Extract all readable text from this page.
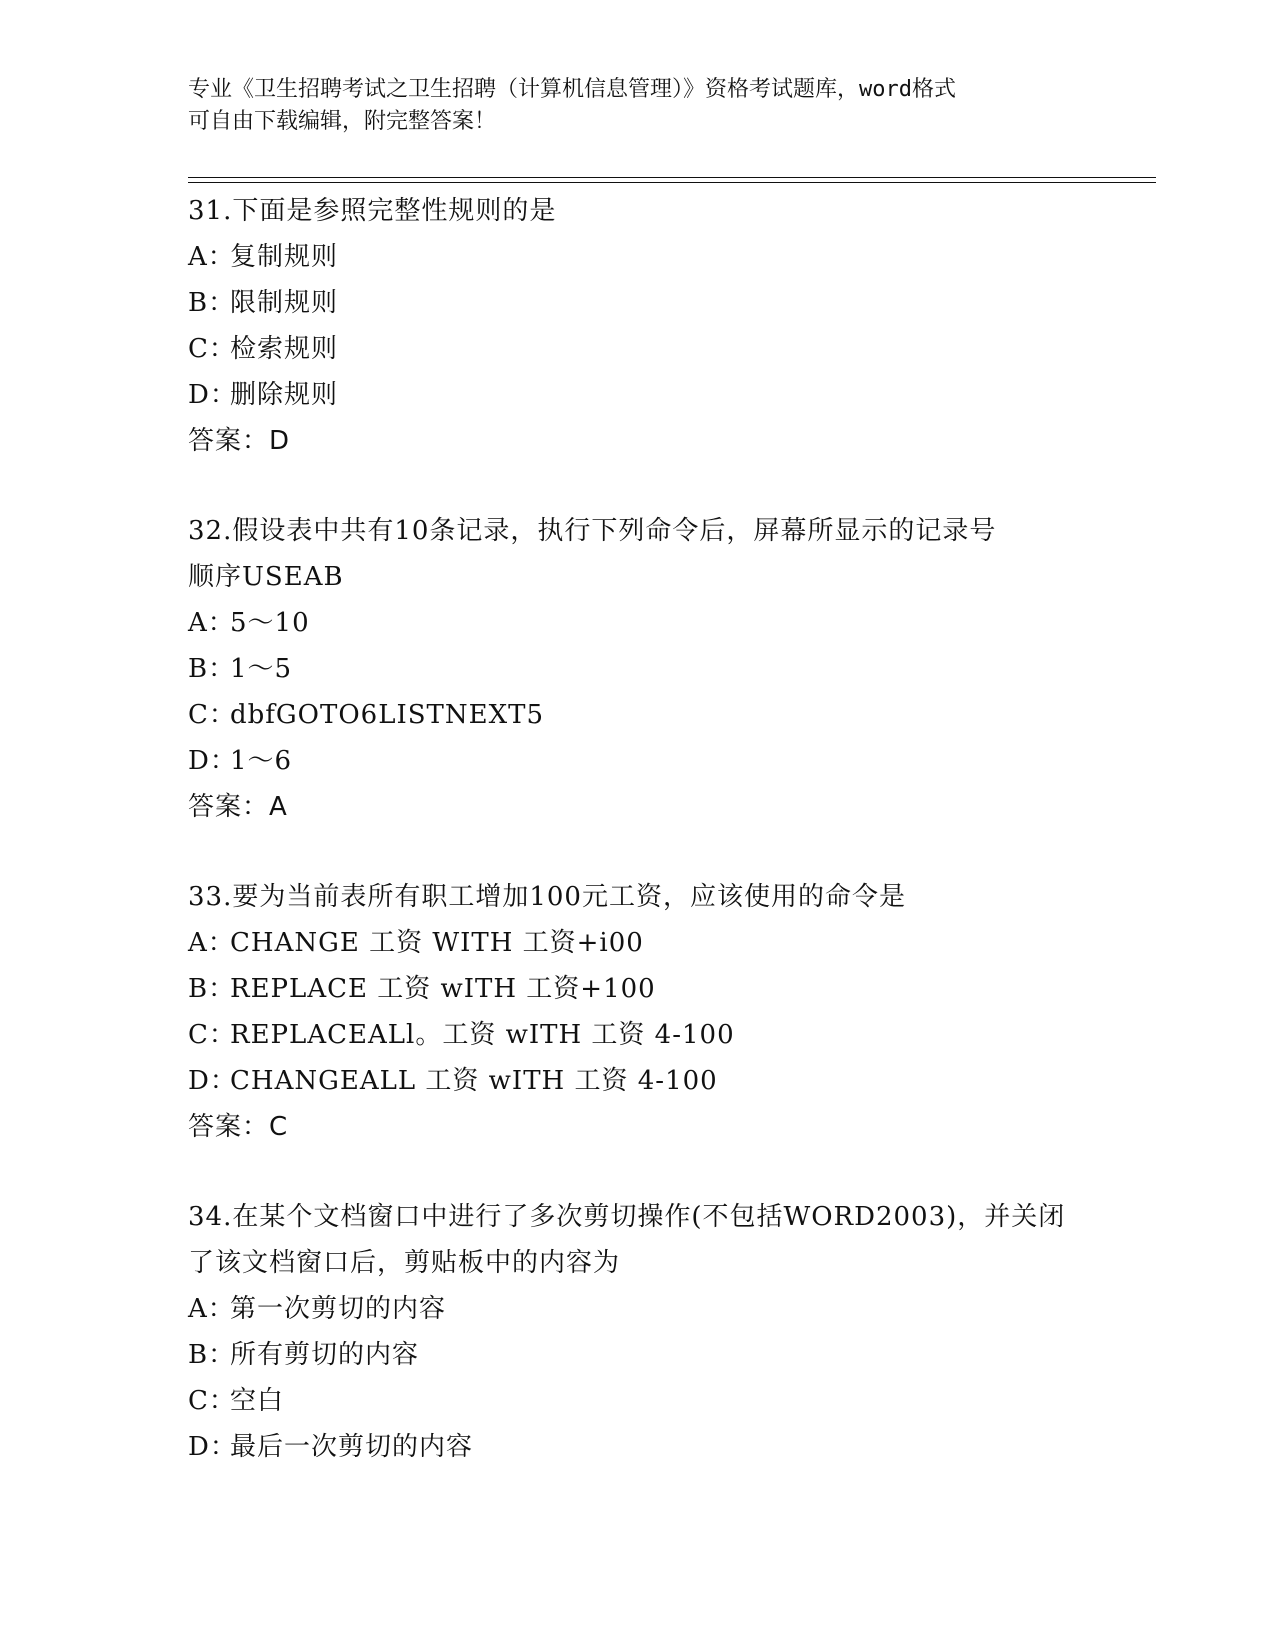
专业《卫生招聘考试之卫生招聘（计算机信息管理）》资格考试题库，word格式
可自由下载编辑，附完整答案！
31.下面是参照完整性规则的是
A：复制规则
B：限制规则
C：检索规则
D：删除规则
答案：D
32.假设表中共有10条记录，执行下列命令后，屏幕所显示的记录号
顺序USEAB
A：5～10
B：1～5
C：dbfGOTO6LISTNEXT5
D：1～6
答案：A
33.要为当前表所有职工增加100元工资，应该使用的命令是
A：CHANGE 工资 WITH 工资+i00
B：REPLACE 工资 wITH 工资+100
C：REPLACEALl。工资 wITH 工资 4-100
D：CHANGEALL 工资 wITH 工资 4-100
答案：C
34.在某个文档窗口中进行了多次剪切操作(不包括WORD2003)，并关闭
了该文档窗口后，剪贴板中的内容为
A：第一次剪切的内容
B：所有剪切的内容
C：空白
D：最后一次剪切的内容
